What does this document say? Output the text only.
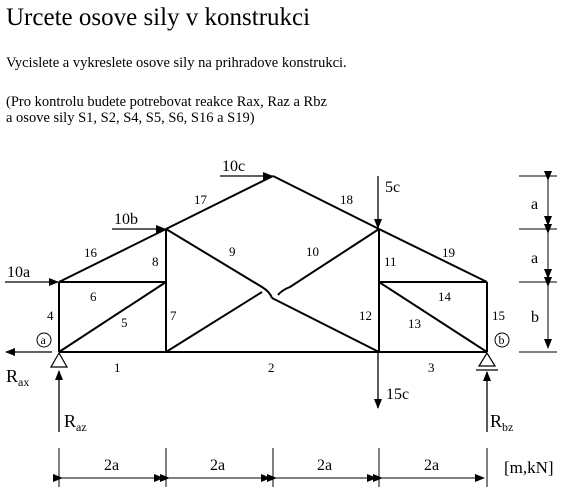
Urcete osove sily v konstrukci
Vycislete a vykreslete osove sily na prihradove konstrukci.
(Pro kontrolu budete potrebovat reakce Rax, Raz a Rbz
a osove sily S1, S2, S4, S5, S6, S16 a S19)
1	2	3
4	5
6
7
8
9	10
11
12
13
14
15
16
17	18
19
10c
10b
10a
5c
15c
a	b
$R_{ax}$
$R_{az}$	$R_{bz}$
a
a
b
2a	2a	2a	2a	[m,kN]
